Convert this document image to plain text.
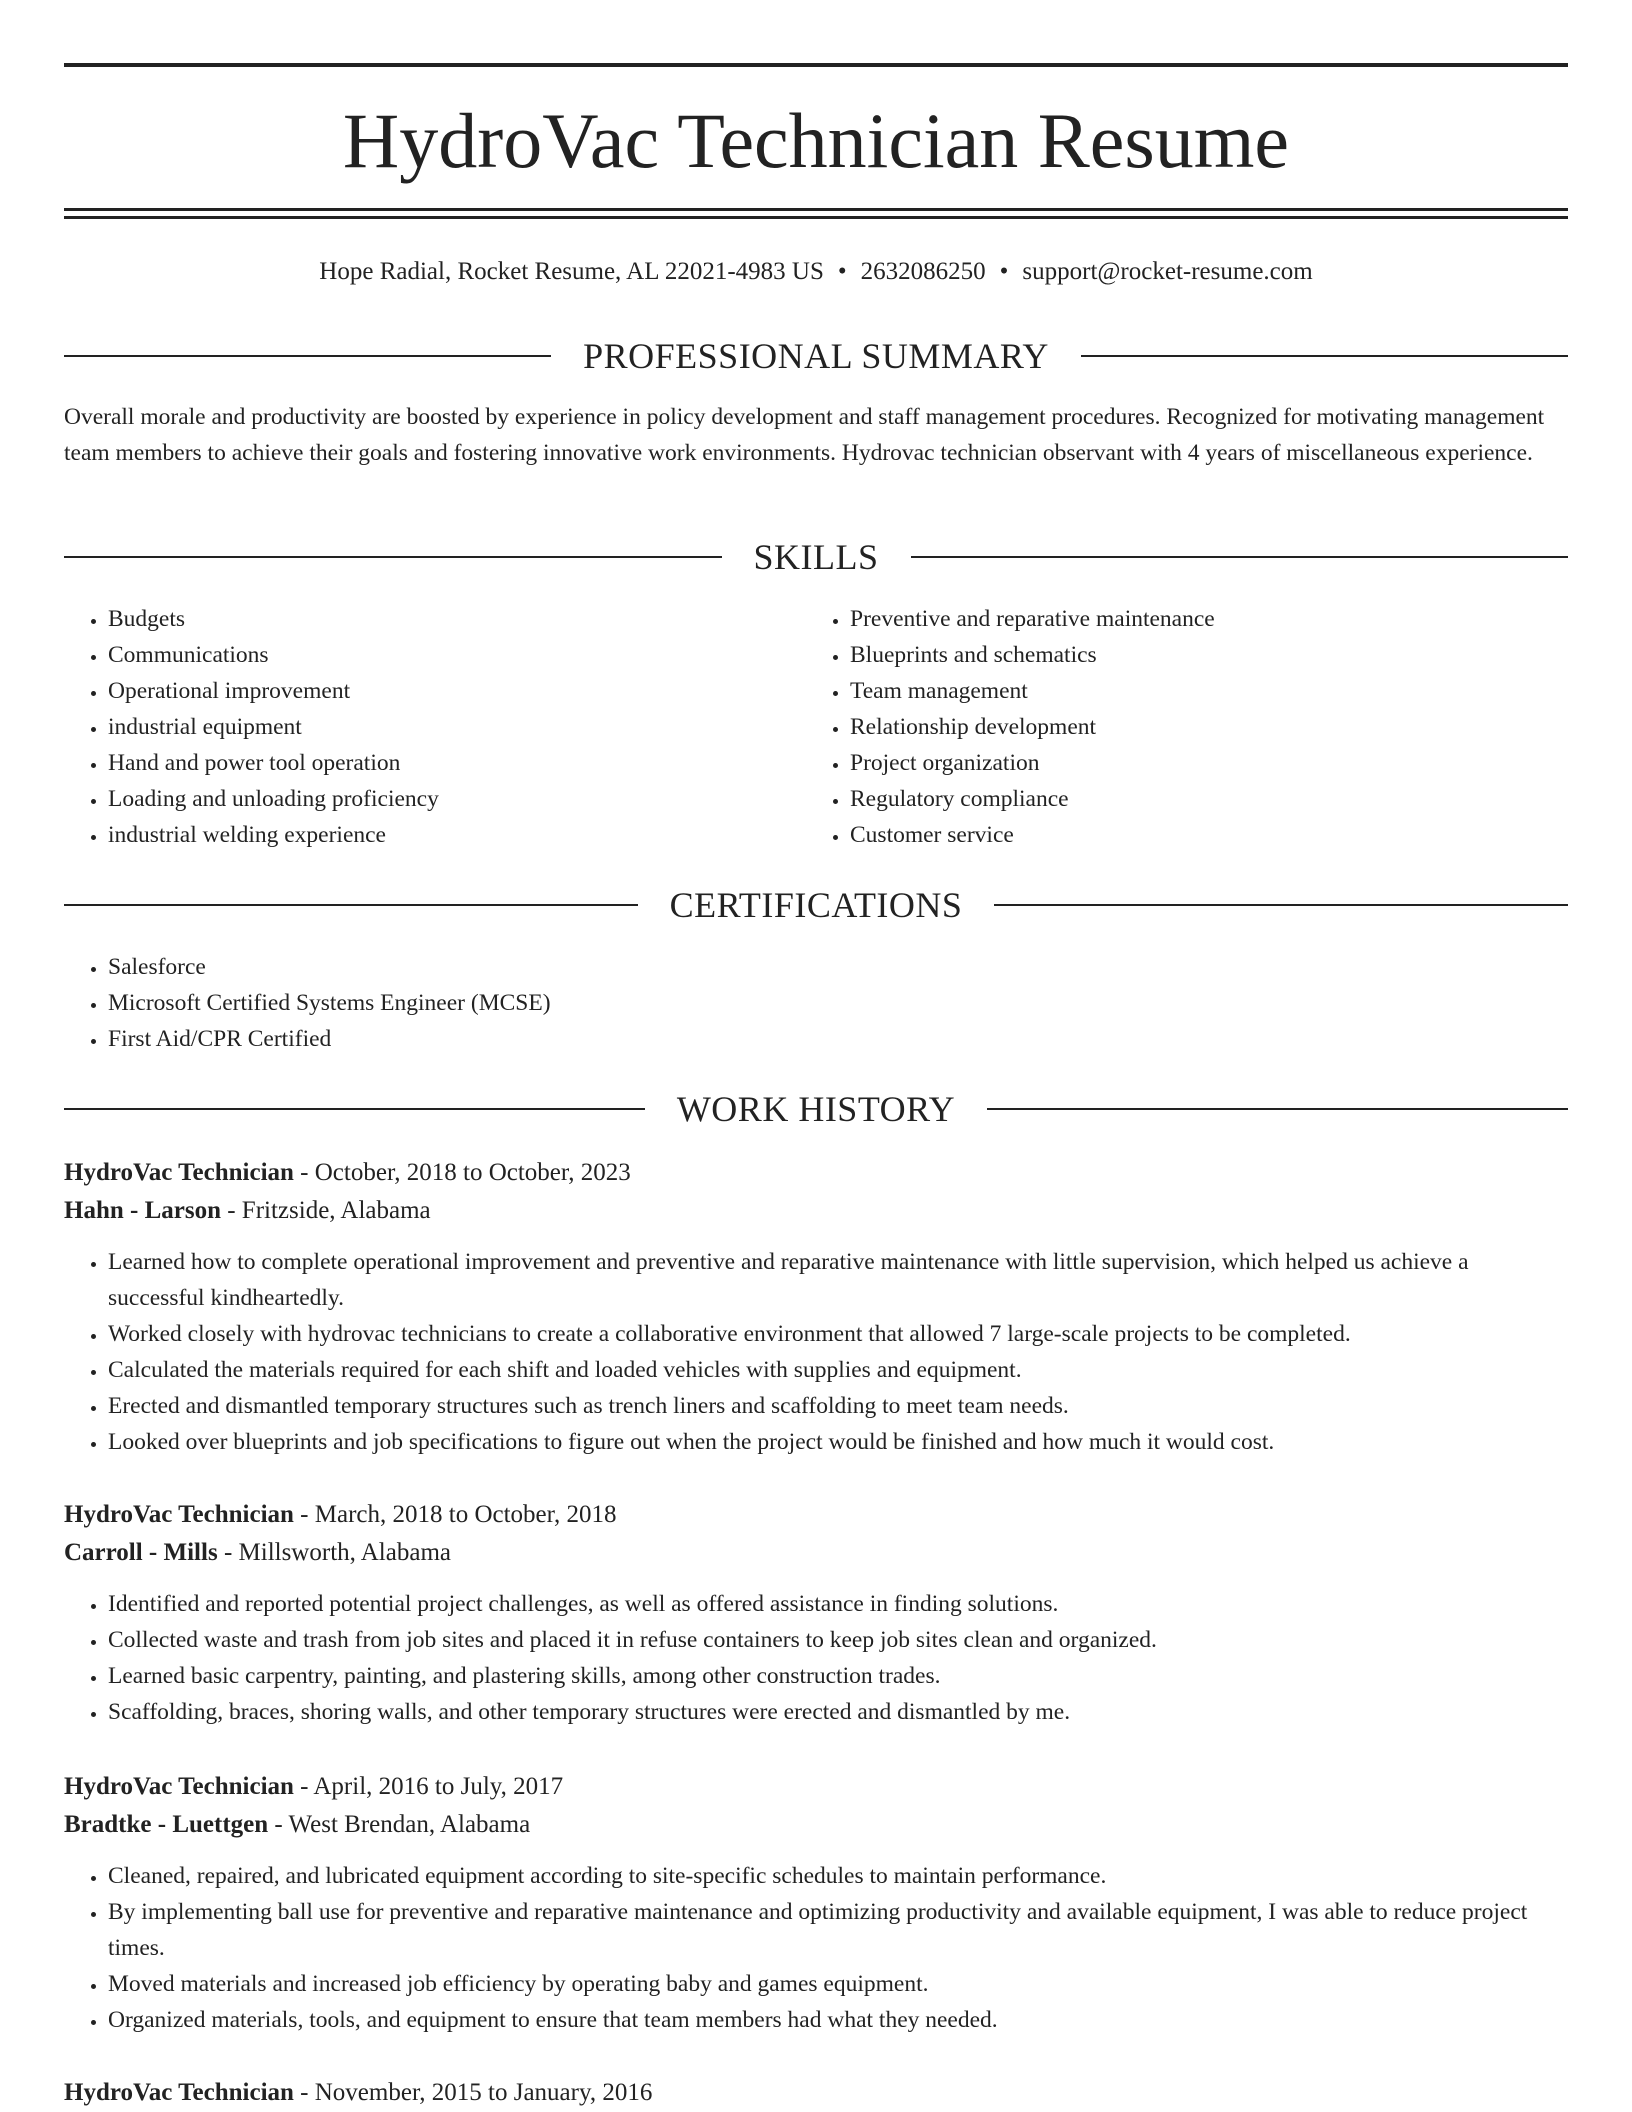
HydroVac Technician Resume
Hope Radial, Rocket Resume, AL 22021-4983 US • 2632086250 • support@rocket-resume.com
PROFESSIONAL SUMMARY

Overall morale and productivity are boosted by experience in policy development and staff management procedures. Recognized for motivating management team members to achieve their goals and fostering innovative work environments. Hydrovac technician observant with 4 years of miscellaneous experience.

SKILLS
• Budgets
• Communications
• Operational improvement
• industrial equipment
• Hand and power tool operation
• Loading and unloading proficiency
• industrial welding experience
• Preventive and reparative maintenance
• Blueprints and schematics
• Team management
• Relationship development
• Project organization
• Regulatory compliance
• Customer service
CERTIFICATIONS
• Salesforce
• Microsoft Certified Systems Engineer (MCSE)
• First Aid/CPR Certified
WORK HISTORY
HydroVac Technician - October, 2018 to October, 2023
Hahn - Larson - Fritzside, Alabama
• Learned how to complete operational improvement and preventive and reparative maintenance with little supervision, which helped us achieve a successful kindheartedly.
• Worked closely with hydrovac technicians to create a collaborative environment that allowed 7 large-scale projects to be completed.
• Calculated the materials required for each shift and loaded vehicles with supplies and equipment.
• Erected and dismantled temporary structures such as trench liners and scaffolding to meet team needs.
• Looked over blueprints and job specifications to figure out when the project would be finished and how much it would cost.
HydroVac Technician - March, 2018 to October, 2018
Carroll - Mills - Millsworth, Alabama
• Identified and reported potential project challenges, as well as offered assistance in finding solutions.
• Collected waste and trash from job sites and placed it in refuse containers to keep job sites clean and organized.
• Learned basic carpentry, painting, and plastering skills, among other construction trades.
• Scaffolding, braces, shoring walls, and other temporary structures were erected and dismantled by me.
HydroVac Technician - April, 2016 to July, 2017
Bradtke - Luettgen - West Brendan, Alabama
• Cleaned, repaired, and lubricated equipment according to site-specific schedules to maintain performance.
• By implementing ball use for preventive and reparative maintenance and optimizing productivity and available equipment, I was able to reduce project times.
• Moved materials and increased job efficiency by operating baby and games equipment.
• Organized materials, tools, and equipment to ensure that team members had what they needed.
HydroVac Technician - November, 2015 to January, 2016
